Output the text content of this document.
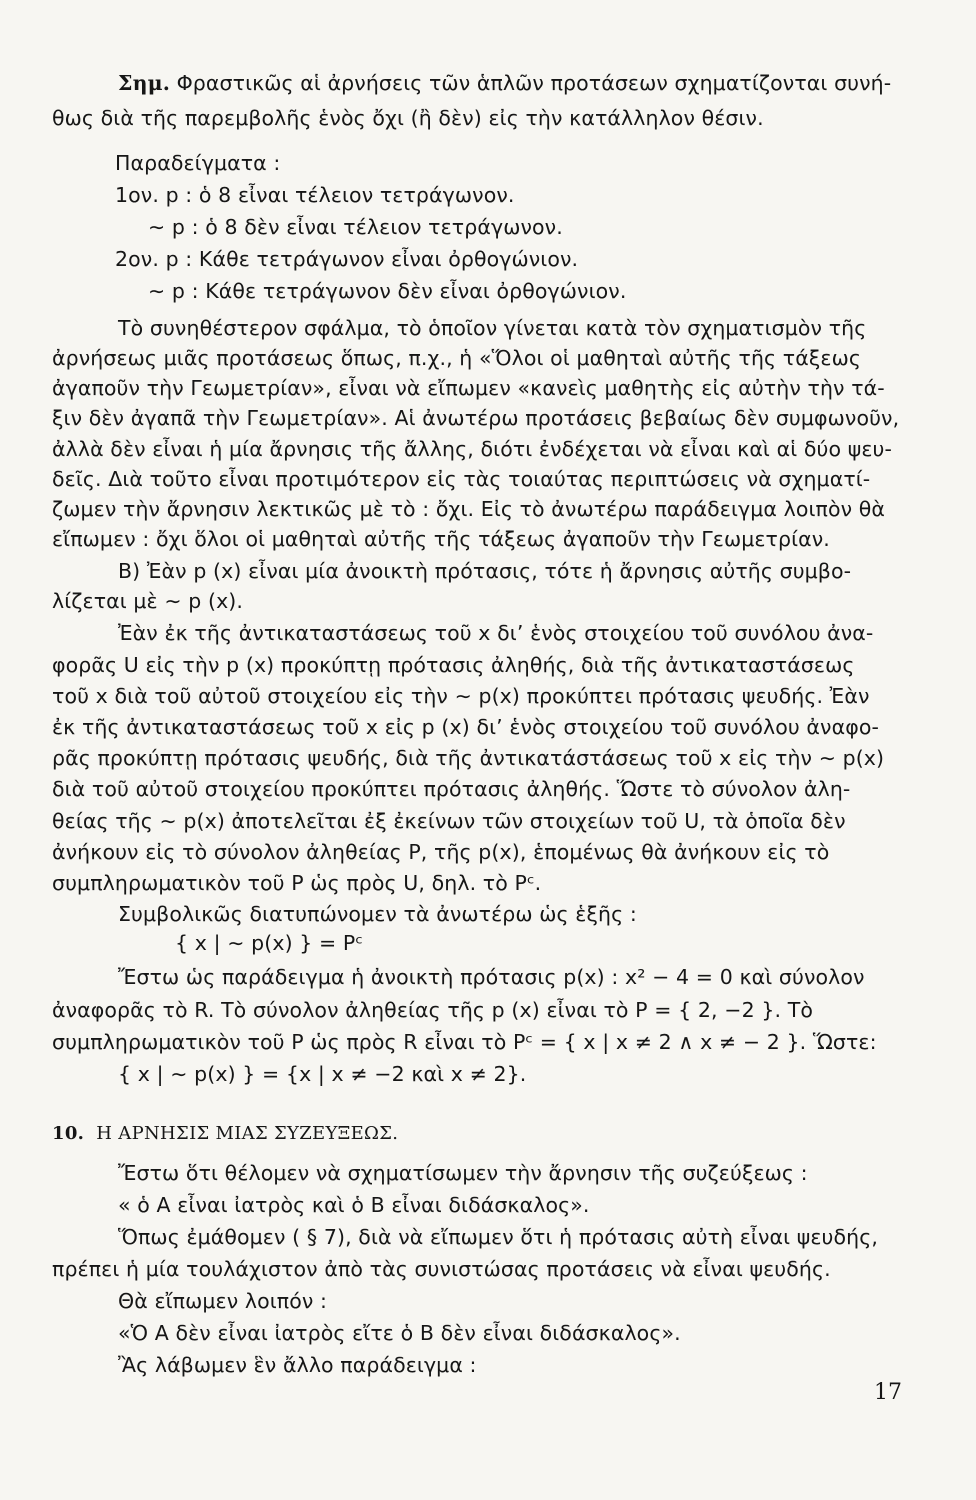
Σημ. Φραστικῶς αἱ ἀρνήσεις τῶν ἁπλῶν προτάσεων σχηματίζονται συνή-
θως διὰ τῆς παρεμβολῆς ἑνὸς ὄχι (ἢ δὲν) εἰς τὴν κατάλληλον θέσιν.
Παραδείγματα :
1ον. p : ὁ 8 εἶναι τέλειον τετράγωνον.
∼ p : ὁ 8 δὲν εἶναι τέλειον τετράγωνον.
2ον. p : Κάθε τετράγωνον εἶναι ὀρθογώνιον.
∼ p : Κάθε τετράγωνον δὲν εἶναι ὀρθογώνιον.
Τὸ συνηθέστερον σφάλμα, τὸ ὁποῖον γίνεται κατὰ τὸν σχηματισμὸν τῆς
ἀρνήσεως μιᾶς προτάσεως ὅπως, π.χ., ἡ «Ὅλοι οἱ μαθηταὶ αὐτῆς τῆς τάξεως
ἀγαποῦν τὴν Γεωμετρίαν», εἶναι νὰ εἴπωμεν «κανεὶς μαθητὴς εἰς αὐτὴν τὴν τά-
ξιν δὲν ἀγαπᾶ τὴν Γεωμετρίαν». Αἱ ἀνωτέρω προτάσεις βεβαίως δὲν συμφωνοῦν,
ἀλλὰ δὲν εἶναι ἡ μία ἄρνησις τῆς ἄλλης, διότι ἐνδέχεται νὰ εἶναι καὶ αἱ δύο ψευ-
δεῖς. Διὰ τοῦτο εἶναι προτιμότερον εἰς τὰς τοιαύτας περιπτώσεις νὰ σχηματί-
ζωμεν τὴν ἄρνησιν λεκτικῶς μὲ τὸ : ὄχι. Εἰς τὸ ἀνωτέρω παράδειγμα λοιπὸν θὰ
εἴπωμεν : ὄχι ὅλοι οἱ μαθηταὶ αὐτῆς τῆς τάξεως ἀγαποῦν τὴν Γεωμετρίαν.
Β) Ἐὰν p (x) εἶναι μία ἀνοικτὴ πρότασις, τότε ἡ ἄρνησις αὐτῆς συμβο-
λίζεται μὲ ∼ p (x).
Ἐὰν ἐκ τῆς ἀντικαταστάσεως τοῦ x δι’ ἑνὸς στοιχείου τοῦ συνόλου ἀνα-
φορᾶς U εἰς τὴν p (x) προκύπτῃ πρότασις ἀληθής, διὰ τῆς ἀντικαταστάσεως
τοῦ x διὰ τοῦ αὐτοῦ στοιχείου εἰς τὴν ∼ p(x) προκύπτει πρότασις ψευδής. Ἐὰν
ἐκ τῆς ἀντικαταστάσεως τοῦ x εἰς p (x) δι’ ἑνὸς στοιχείου τοῦ συνόλου ἀναφο-
ρᾶς προκύπτῃ πρότασις ψευδής, διὰ τῆς ἀντικατάστάσεως τοῦ x εἰς τὴν ∼ p(x)
διὰ τοῦ αὐτοῦ στοιχείου προκύπτει πρότασις ἀληθής. Ὥστε τὸ σύνολον ἀλη-
θείας τῆς ∼ p(x) ἀποτελεῖται ἐξ ἐκείνων τῶν στοιχείων τοῦ U, τὰ ὁποῖα δὲν
ἀνήκουν εἰς τὸ σύνολον ἀληθείας P, τῆς p(x), ἑπομένως θὰ ἀνήκουν εἰς τὸ
συμπληρωματικὸν τοῦ P ὡς πρὸς U, δηλ. τὸ Pᶜ.
Συμβολικῶς διατυπώνομεν τὰ ἀνωτέρω ὡς ἑξῆς :
{ x | ∼ p(x) } = Pᶜ
Ἔστω ὡς παράδειγμα ἡ ἀνοικτὴ πρότασις p(x) : x² − 4 = 0 καὶ σύνολον
ἀναφορᾶς τὸ R. Τὸ σύνολον ἀληθείας τῆς p (x) εἶναι τὸ P = { 2, −2 }. Τὸ
συμπληρωματικὸν τοῦ P ὡς πρὸς R εἶναι τὸ Pᶜ = { x | x ≠ 2 ∧ x ≠ − 2 }. Ὥστε:
{ x | ∼ p(x) } = {x | x ≠ −2 καὶ x ≠ 2}.
10. Η ΑΡΝΗΣΙΣ ΜΙΑΣ ΣΥΖΕΥΞΕΩΣ.
Ἔστω ὅτι θέλομεν νὰ σχηματίσωμεν τὴν ἄρνησιν τῆς συζεύξεως :
« ὁ Α εἶναι ἰατρὸς καὶ ὁ Β εἶναι διδάσκαλος».
Ὅπως ἐμάθομεν ( § 7), διὰ νὰ εἴπωμεν ὅτι ἡ πρότασις αὐτὴ εἶναι ψευδής,
πρέπει ἡ μία τουλάχιστον ἀπὸ τὰς συνιστώσας προτάσεις νὰ εἶναι ψευδής.
Θὰ εἴπωμεν λοιπόν :
«Ὁ Α δὲν εἶναι ἰατρὸς εἴτε ὁ Β δὲν εἶναι διδάσκαλος».
Ἂς λάβωμεν ἓν ἄλλο παράδειγμα :
17
